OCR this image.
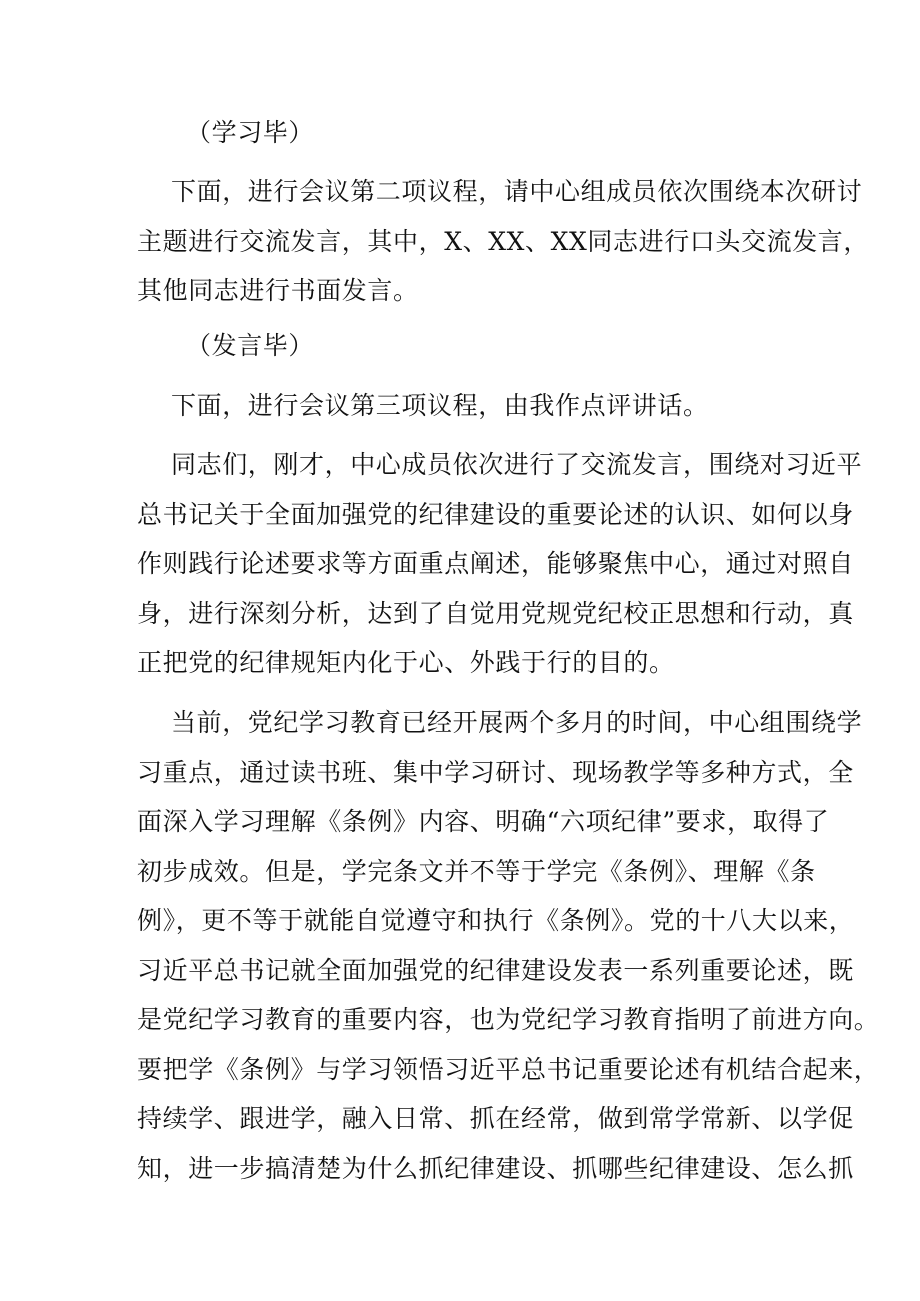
（学习毕）
下面，进行会议第二项议程，请中心组成员依次围绕本次研讨
主题进行交流发言，其中，X、XX、XX同志进行口头交流发言，
其他同志进行书面发言。
（发言毕）
下面，进行会议第三项议程，由我作点评讲话。
同志们，刚才，中心成员依次进行了交流发言，围绕对习近平
总书记关于全面加强党的纪律建设的重要论述的认识、如何以身
作则践行论述要求等方面重点阐述，能够聚焦中心，通过对照自
身，进行深刻分析，达到了自觉用党规党纪校正思想和行动，真
正把党的纪律规矩内化于心、外践于行的目的。
当前，党纪学习教育已经开展两个多月的时间，中心组围绕学
习重点，通过读书班、集中学习研讨、现场教学等多种方式，全
面深入学习理解《条例》内容、明确“六项纪律”要求，取得了
初步成效。但是，学完条文并不等于学完《条例》、理解《条
例》，更不等于就能自觉遵守和执行《条例》。党的十八大以来，
习近平总书记就全面加强党的纪律建设发表一系列重要论述，既
是党纪学习教育的重要内容，也为党纪学习教育指明了前进方向。
要把学《条例》与学习领悟习近平总书记重要论述有机结合起来，
持续学、跟进学，融入日常、抓在经常，做到常学常新、以学促
知，进一步搞清楚为什么抓纪律建设、抓哪些纪律建设、怎么抓
